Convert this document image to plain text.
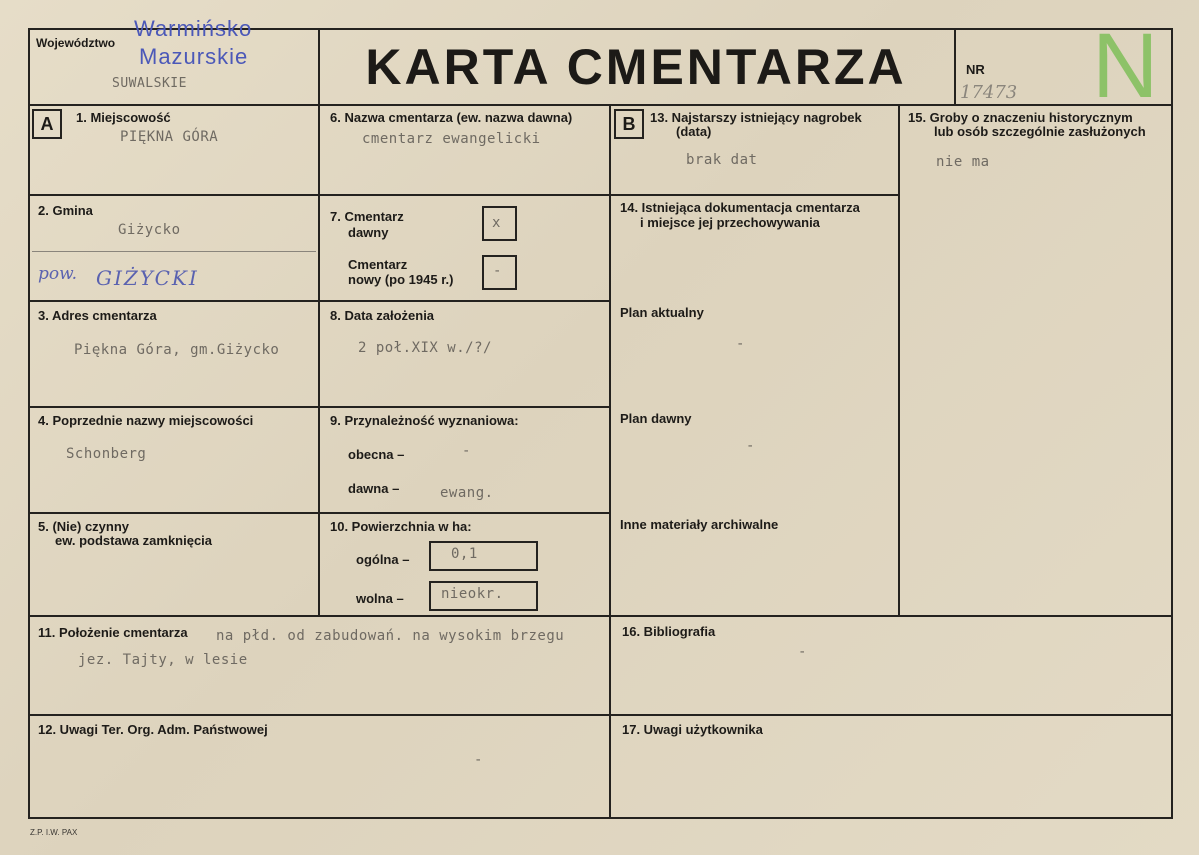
Województwo
Warmińsko
Mazurskie
SUWALSKIE	KARTA CMENTARZA	NR
17473 N
A	1. Miejscowość
PIĘKNA GÓRA
2. Gmina
Giżycko
pow. GIŻYCKI
3. Adres cmentarza
Piękna Góra, gm.Giżycko
4. Poprzednie nazwy miejscowości
Schonberg
5. (Nie) czynny
ew. podstawa zamknięcia
6. Nazwa cmentarza (ew. nazwa dawna)
cmentarz ewangelicki
7. Cmentarz
dawny
x
Cmentarz
nowy (po 1945 r.)
-
8. Data założenia
2 poł.XIX w./?/
9. Przynależność wyznaniowa:
obecna –	-
dawna –	ewang.
10. Powierzchnia w ha:
ogólna –	0,1
wolna –	nieokr.
11. Położenie cmentarza na płd. od zabudowań. na wysokim brzegu
jez. Tajty, w lesie
12. Uwagi Ter. Org. Adm. Państwowej
-
B	13. Najstarszy istniejący nagrobek
(data)
brak dat
14. Istniejąca dokumentacja cmentarza
i miejsce jej przechowywania
Plan aktualny
-
Plan dawny
-
Inne materiały archiwalne
15. Groby o znaczeniu historycznym
lub osób szczególnie zasłużonych
nie ma
16. Bibliografia
-
17. Uwagi użytkownika
Z.P. I.W. PAX
